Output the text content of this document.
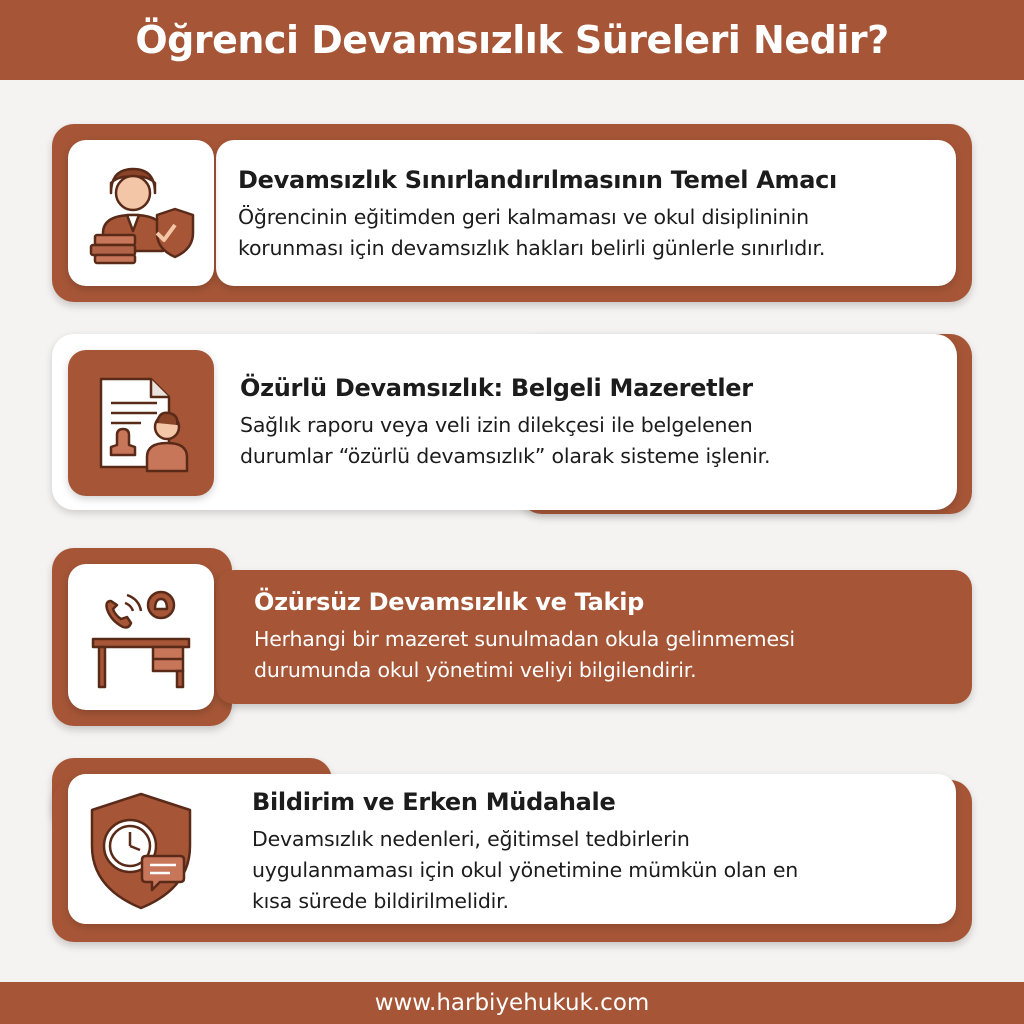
Öğrenci Devamsızlık Süreleri Nedir?

Devamsızlık Sınırlandırılmasının Temel Amacı

Öğrencinin eğitimden geri kalmaması ve okul disiplininin
korunması için devamsızlık hakları belirli günlerle sınırlıdır.

Özürlü Devamsızlık: Belgeli Mazeretler

Sağlık raporu veya veli izin dilekçesi ile belgelenen
durumlar “özürlü devamsızlık” olarak sisteme işlenir.

Özürsüz Devamsızlık ve Takip

Herhangi bir mazeret sunulmadan okula gelinmemesi
durumunda okul yönetimi veliyi bilgilendirir.

Bildirim ve Erken Müdahale

Devamsızlık nedenleri, eğitimsel tedbirlerin
uygulanmaması için okul yönetimine mümkün olan en
kısa sürede bildirilmelidir.

www.harbiyehukuk.com
